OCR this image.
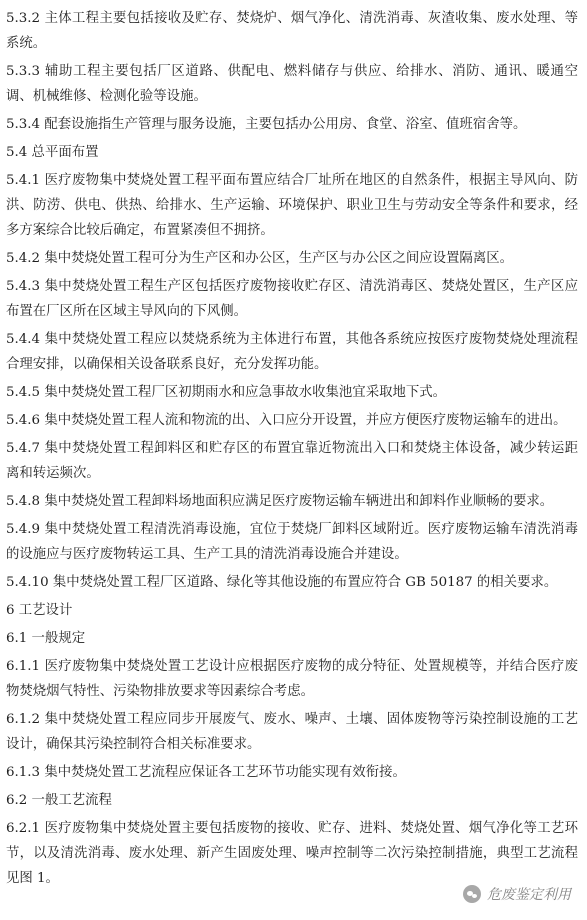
5.3.2 主体工程主要包括接收及贮存、焚烧炉、烟气净化、清洗消毒、灰渣收集、废水处理、等系统。

5.3.3 辅助工程主要包括厂区道路、供配电、燃料储存与供应、给排水、消防、通讯、暖通空调、机械维修、检测化验等设施。

5.3.4 配套设施指生产管理与服务设施，主要包括办公用房、食堂、浴室、值班宿舍等。

5.4 总平面布置

5.4.1 医疗废物集中焚烧处置工程平面布置应结合厂址所在地区的自然条件，根据主导风向、防洪、防涝、供电、供热、给排水、生产运输、环境保护、职业卫生与劳动安全等条件和要求，经多方案综合比较后确定，布置紧凑但不拥挤。

5.4.2 集中焚烧处置工程可分为生产区和办公区，生产区与办公区之间应设置隔离区。

5.4.3 集中焚烧处置工程生产区包括医疗废物接收贮存区、清洗消毒区、焚烧处置区，生产区应布置在厂区所在区域主导风向的下风侧。

5.4.4 集中焚烧处置工程应以焚烧系统为主体进行布置，其他各系统应按医疗废物焚烧处理流程合理安排，以确保相关设备联系良好，充分发挥功能。

5.4.5 集中焚烧处置工程厂区初期雨水和应急事故水收集池宜采取地下式。

5.4.6 集中焚烧处置工程人流和物流的出、入口应分开设置，并应方便医疗废物运输车的进出。

5.4.7 集中焚烧处置工程卸料区和贮存区的布置宜靠近物流出入口和焚烧主体设备，减少转运距离和转运频次。

5.4.8 集中焚烧处置工程卸料场地面积应满足医疗废物运输车辆进出和卸料作业顺畅的要求。

5.4.9 集中焚烧处置工程清洗消毒设施，宜位于焚烧厂卸料区域附近。医疗废物运输车清洗消毒的设施应与医疗废物转运工具、生产工具的清洗消毒设施合并建设。

5.4.10 集中焚烧处置工程厂区道路、绿化等其他设施的布置应符合 GB 50187 的相关要求。

6 工艺设计

6.1 一般规定

6.1.1 医疗废物集中焚烧处置工艺设计应根据医疗废物的成分特征、处置规模等，并结合医疗废物焚烧烟气特性、污染物排放要求等因素综合考虑。

6.1.2 集中焚烧处置工程应同步开展废气、废水、噪声、土壤、固体废物等污染控制设施的工艺设计，确保其污染控制符合相关标准要求。

6.1.3 集中焚烧处置工艺流程应保证各工艺环节功能实现有效衔接。

6.2 一般工艺流程

6.2.1 医疗废物集中焚烧处置主要包括废物的接收、贮存、进料、焚烧处置、烟气净化等工艺环节，以及清洗消毒、废水处理、新产生固废处理、噪声控制等二次污染控制措施，典型工艺流程见图 1。

危废鉴定利用
